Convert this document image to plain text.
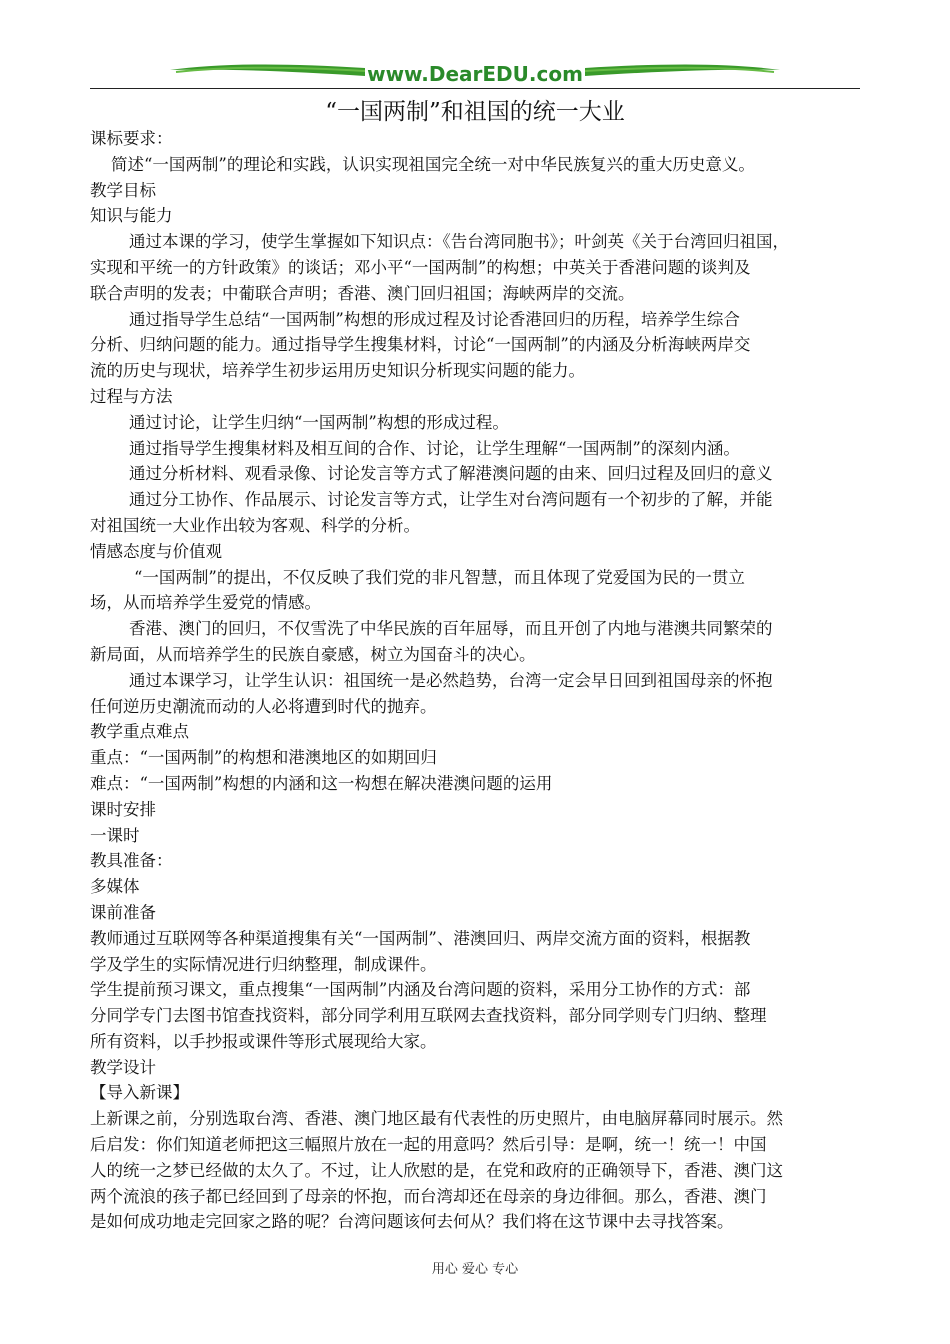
www.DearEDU.com
“一国两制”和祖国的统一大业

课标要求：

简述“一国两制”的理论和实践，认识实现祖国完全统一对中华民族复兴的重大历史意义。

教学目标

知识与能力

通过本课的学习，使学生掌握如下知识点：《告台湾同胞书》；叶剑英《关于台湾回归祖国，

实现和平统一的方针政策》的谈话；邓小平“一国两制”的构想；中英关于香港问题的谈判及

联合声明的发表；中葡联合声明；香港、澳门回归祖国；海峡两岸的交流。

通过指导学生总结“一国两制”构想的形成过程及讨论香港回归的历程，培养学生综合

分析、归纳问题的能力。通过指导学生搜集材料，讨论“一国两制”的内涵及分析海峡两岸交

流的历史与现状，培养学生初步运用历史知识分析现实问题的能力。

过程与方法

通过讨论，让学生归纳“一国两制”构想的形成过程。

通过指导学生搜集材料及相互间的合作、讨论，让学生理解“一国两制”的深刻内涵。

通过分析材料、观看录像、讨论发言等方式了解港澳问题的由来、回归过程及回归的意义

通过分工协作、作品展示、讨论发言等方式，让学生对台湾问题有一个初步的了解，并能

对祖国统一大业作出较为客观、科学的分析。

情感态度与价值观

“一国两制”的提出，不仅反映了我们党的非凡智慧，而且体现了党爱国为民的一贯立

场，从而培养学生爱党的情感。

香港、澳门的回归，不仅雪洗了中华民族的百年屈辱，而且开创了内地与港澳共同繁荣的

新局面，从而培养学生的民族自豪感，树立为国奋斗的决心。

通过本课学习，让学生认识：祖国统一是必然趋势，台湾一定会早日回到祖国母亲的怀抱

任何逆历史潮流而动的人必将遭到时代的抛弃。

教学重点难点

重点：“一国两制”的构想和港澳地区的如期回归

难点：“一国两制”构想的内涵和这一构想在解决港澳问题的运用

课时安排

一课时

教具准备：

多媒体

课前准备

教师通过互联网等各种渠道搜集有关“一国两制”、港澳回归、两岸交流方面的资料，根据教

学及学生的实际情况进行归纳整理，制成课件。

学生提前预习课文，重点搜集“一国两制”内涵及台湾问题的资料，采用分工协作的方式：部

分同学专门去图书馆查找资料，部分同学利用互联网去查找资料，部分同学则专门归纳、整理

所有资料，以手抄报或课件等形式展现给大家。

教学设计

【导入新课】

上新课之前，分别选取台湾、香港、澳门地区最有代表性的历史照片，由电脑屏幕同时展示。然

后启发：你们知道老师把这三幅照片放在一起的用意吗？然后引导：是啊，统一！统一！中国

人的统一之梦已经做的太久了。不过，让人欣慰的是，在党和政府的正确领导下，香港、澳门这

两个流浪的孩子都已经回到了母亲的怀抱，而台湾却还在母亲的身边徘徊。那么，香港、澳门

是如何成功地走完回家之路的呢？台湾问题该何去何从？我们将在这节课中去寻找答案。

用心 爱心 专心
